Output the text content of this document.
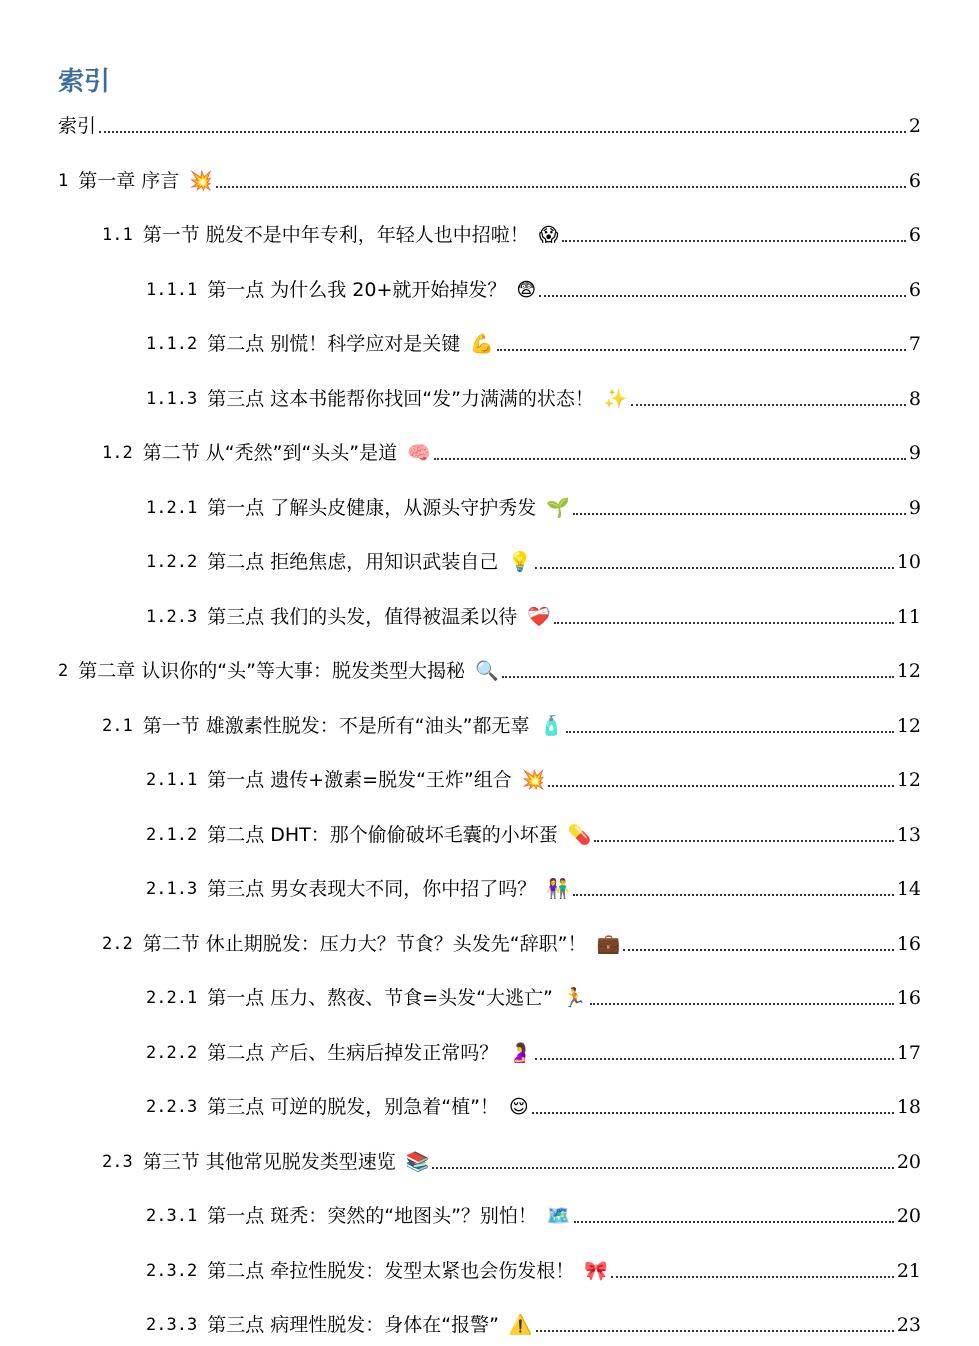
索引
索引	2
1 第一章 序言 💥	6
1.1 第一节 脱发不是中年专利，年轻人也中招啦！ 😱	6
1.1.1 第一点 为什么我 20+就开始掉发？ 😨	6
1.1.2 第二点 别慌！科学应对是关键 💪	7
1.1.3 第三点 这本书能帮你找回“发”力满满的状态！ ✨	8
1.2 第二节 从“秃然”到“头头”是道 🧠	9
1.2.1 第一点 了解头皮健康，从源头守护秀发 🌱	9
1.2.2 第二点 拒绝焦虑，用知识武装自己 💡	10
1.2.3 第三点 我们的头发，值得被温柔以待 ❤️‍🩹	11
2 第二章 认识你的“头”等大事：脱发类型大揭秘 🔍	12
2.1 第一节 雄激素性脱发：不是所有“油头”都无辜 🧴	12
2.1.1 第一点 遗传+激素=脱发“王炸”组合 💥	12
2.1.2 第二点 DHT：那个偷偷破坏毛囊的小坏蛋 💊	13
2.1.3 第三点 男女表现大不同，你中招了吗？ 👫	14
2.2 第二节 休止期脱发：压力大？节食？头发先“辞职”！ 💼	16
2.2.1 第一点 压力、熬夜、节食=头发“大逃亡” 🏃	16
2.2.2 第二点 产后、生病后掉发正常吗？ 🤰	17
2.2.3 第三点 可逆的脱发，别急着“植”！ 😌	18
2.3 第三节 其他常见脱发类型速览 📚	20
2.3.1 第一点 斑秃：突然的“地图头”？别怕！ 🗺️	20
2.3.2 第二点 牵拉性脱发：发型太紧也会伤发根！ 🎀	21
2.3.3 第三点 病理性脱发：身体在“报警” ⚠️	23
